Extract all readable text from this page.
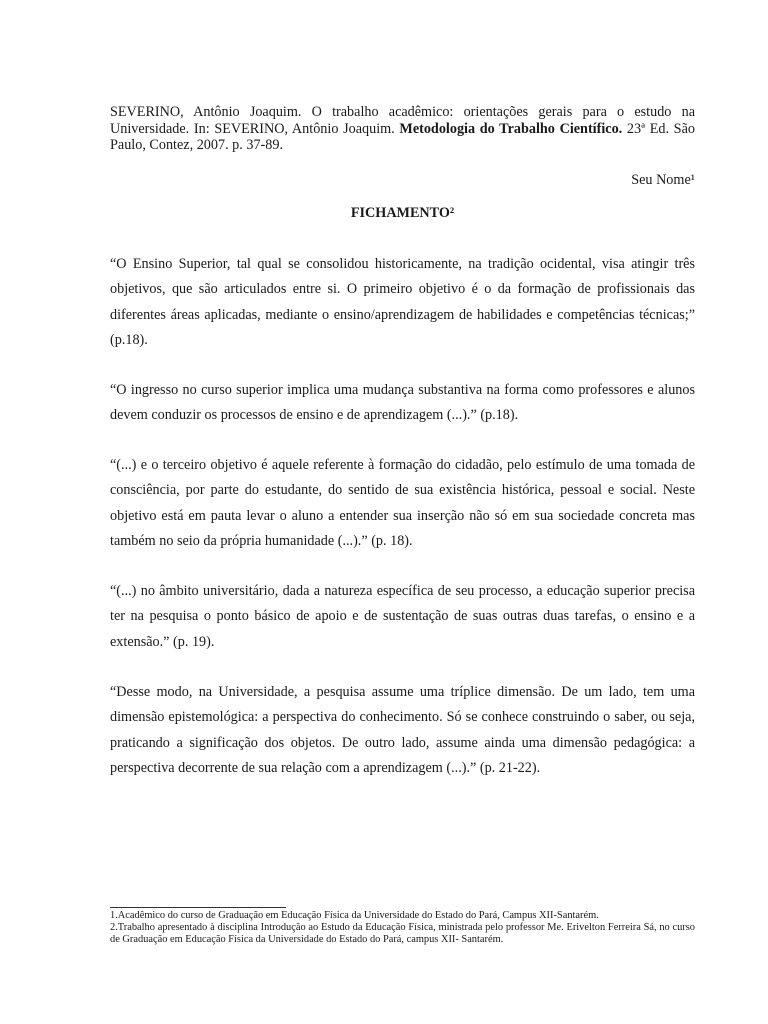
SEVERINO, Antônio Joaquim. O trabalho acadêmico: orientações gerais para o estudo na Universidade. In: SEVERINO, Antônio Joaquim. Metodologia do Trabalho Científico. 23ª Ed. São Paulo, Contez, 2007. p. 37-89.

Seu Nome¹
FICHAMENTO²

“O Ensino Superior, tal qual se consolidou historicamente, na tradição ocidental, visa atingir três objetivos, que são articulados entre si. O primeiro objetivo é o da formação de profissionais das diferentes áreas aplicadas, mediante o ensino/aprendizagem de habilidades e competências técnicas;” (p.18).

“O ingresso no curso superior implica uma mudança substantiva na forma como professores e alunos devem conduzir os processos de ensino e de aprendizagem (...).” (p.18).

“(...) e o terceiro objetivo é aquele referente à formação do cidadão, pelo estímulo de uma tomada de consciência, por parte do estudante, do sentido de sua existência histórica, pessoal e social. Neste objetivo está em pauta levar o aluno a entender sua inserção não só em sua sociedade concreta mas também no seio da própria humanidade (...).” (p. 18).

“(...) no âmbito universitário, dada a natureza específica de seu processo, a educação superior precisa ter na pesquisa o ponto básico de apoio e de sustentação de suas outras duas tarefas, o ensino e a extensão.” (p. 19).

“Desse modo, na Universidade, a pesquisa assume uma tríplice dimensão. De um lado, tem uma dimensão epistemológica: a perspectiva do conhecimento. Só se conhece construindo o saber, ou seja, praticando a significação dos objetos. De outro lado, assume ainda uma dimensão pedagógica: a perspectiva decorrente de sua relação com a aprendizagem (...).” (p. 21-22).

1.Acadêmico do curso de Graduação em Educação Física da Universidade do Estado do Pará, Campus XII-Santarém.

2.Trabalho apresentado à disciplina Introdução ao Estudo da Educação Física, ministrada pelo professor Me. Erivelton Ferreira Sá, no curso de Graduação em Educação Física da Universidade do Estado do Pará, campus XII- Santarém.
